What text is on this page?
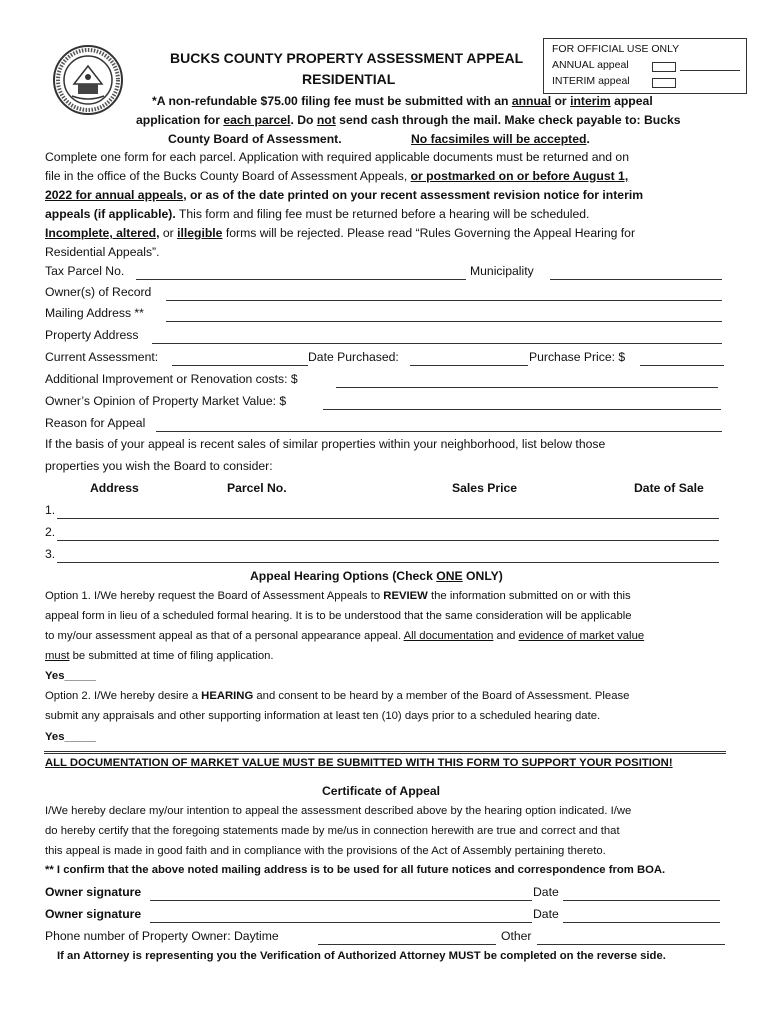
BUCKS COUNTY PROPERTY ASSESSMENT APPEAL
RESIDENTIAL
FOR OFFICIAL USE ONLY
ANNUAL appeal
INTERIM appeal
*A non-refundable $75.00 filing fee must be submitted with an annual or interim appeal
application for each parcel. Do not send cash through the mail. Make check payable to: Bucks
County Board of Assessment.	No facsimiles will be accepted.
Complete one form for each parcel. Application with required applicable documents must be returned and on
file in the office of the Bucks County Board of Assessment Appeals, or postmarked on or before August 1,
2022 for annual appeals, or as of the date printed on your recent assessment revision notice for interim
appeals (if applicable). This form and filing fee must be returned before a hearing will be scheduled.
Incomplete, altered, or illegible forms will be rejected. Please read “Rules Governing the Appeal Hearing for
Residential Appeals”.
Tax Parcel No.	Municipality
Owner(s) of Record
Mailing Address **
Property Address
Current Assessment:	Date Purchased:	Purchase Price: $
Additional Improvement or Renovation costs: $
Owner’s Opinion of Property Market Value: $
Reason for Appeal
If the basis of your appeal is recent sales of similar properties within your neighborhood, list below those
properties you wish the Board to consider:
Address	Parcel No.	Sales Price	Date of Sale
1.
2.
3.
Appeal Hearing Options (Check ONE ONLY)
Option 1. I/We hereby request the Board of Assessment Appeals to REVIEW the information submitted on or with this
appeal form in lieu of a scheduled formal hearing. It is to be understood that the same consideration will be applicable
to my/our assessment appeal as that of a personal appearance appeal. All documentation and evidence of market value
must be submitted at time of filing application.
Yes_____
Option 2. I/We hereby desire a HEARING and consent to be heard by a member of the Board of Assessment. Please
submit any appraisals and other supporting information at least ten (10) days prior to a scheduled hearing date.
Yes_____
ALL DOCUMENTATION OF MARKET VALUE MUST BE SUBMITTED WITH THIS FORM TO SUPPORT YOUR POSITION!
Certificate of Appeal
I/We hereby declare my/our intention to appeal the assessment described above by the hearing option indicated. I/we
do hereby certify that the foregoing statements made by me/us in connection herewith are true and correct and that
this appeal is made in good faith and in compliance with the provisions of the Act of Assembly pertaining thereto.
** I confirm that the above noted mailing address is to be used for all future notices and correspondence from BOA.
Owner signature	Date
Owner signature	Date
Phone number of Property Owner: Daytime	Other
If an Attorney is representing you the Verification of Authorized Attorney MUST be completed on the reverse side.
